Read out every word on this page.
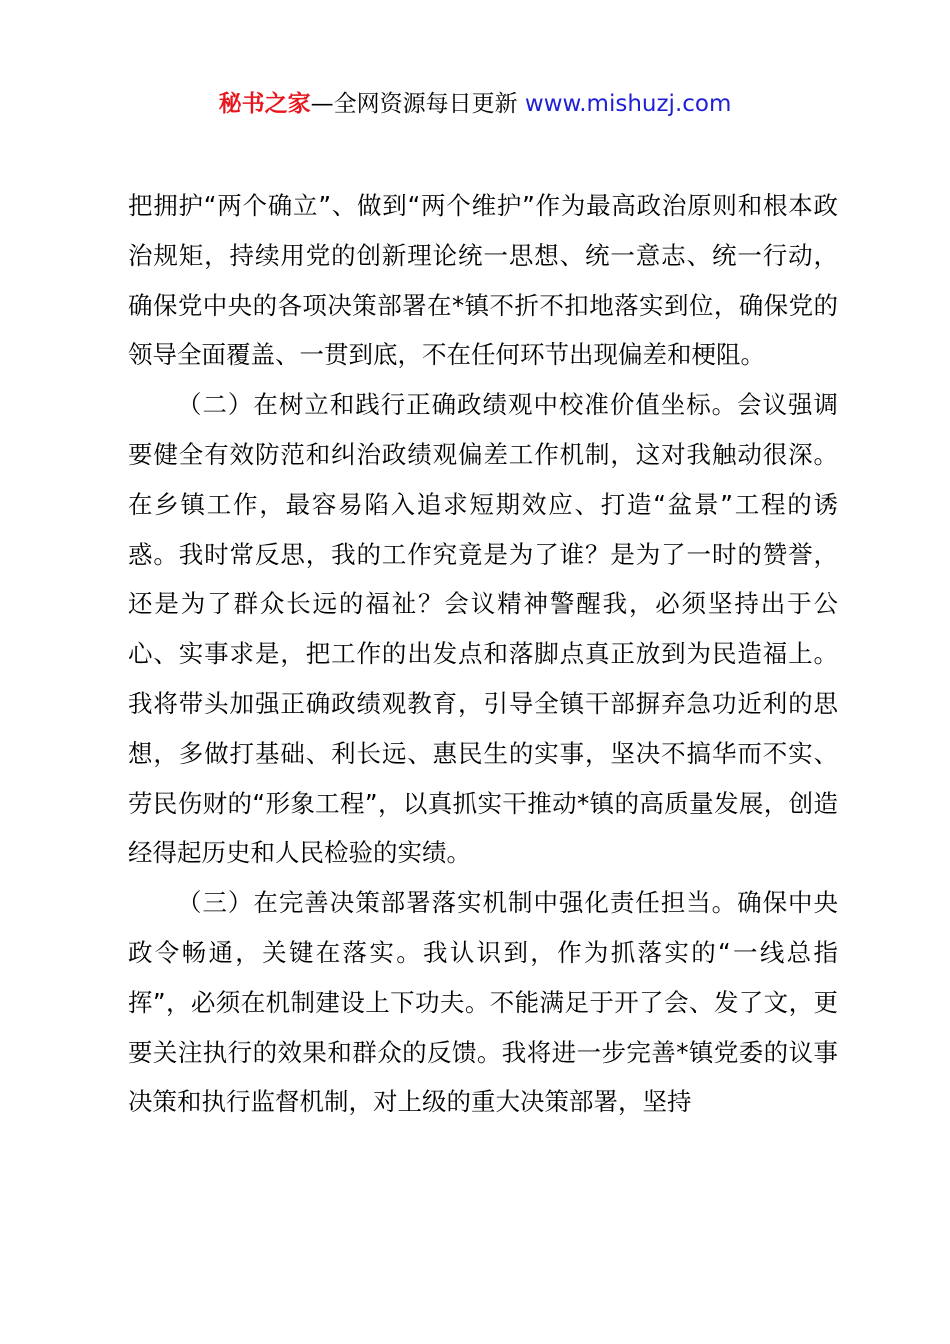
秘书之家—全网资源每日更新 www.mishuzj.com

把拥护“两个确立”、做到“两个维护”作为最高政治原则和根本政治规矩，持续用党的创新理论统一思想、统一意志、统一行动，确保党中央的各项决策部署在*镇不折不扣地落实到位，确保党的领导全面覆盖、一贯到底，不在任何环节出现偏差和梗阻。

（二）在树立和践行正确政绩观中校准价值坐标。会议强调要健全有效防范和纠治政绩观偏差工作机制，这对我触动很深。在乡镇工作，最容易陷入追求短期效应、打造“盆景”工程的诱惑。我时常反思，我的工作究竟是为了谁？是为了一时的赞誉，还是为了群众长远的福祉？会议精神警醒我，必须坚持出于公心、实事求是，把工作的出发点和落脚点真正放到为民造福上。我将带头加强正确政绩观教育，引导全镇干部摒弃急功近利的思想，多做打基础、利长远、惠民生的实事，坚决不搞华而不实、劳民伤财的“形象工程”，以真抓实干推动*镇的高质量发展，创造经得起历史和人民检验的实绩。

（三）在完善决策部署落实机制中强化责任担当。确保中央政令畅通，关键在落实。我认识到，作为抓落实的“一线总指挥”，必须在机制建设上下功夫。不能满足于开了会、发了文，更要关注执行的效果和群众的反馈。我将进一步完善*镇党委的议事决策和执行监督机制，对上级的重大决策部署，坚持
